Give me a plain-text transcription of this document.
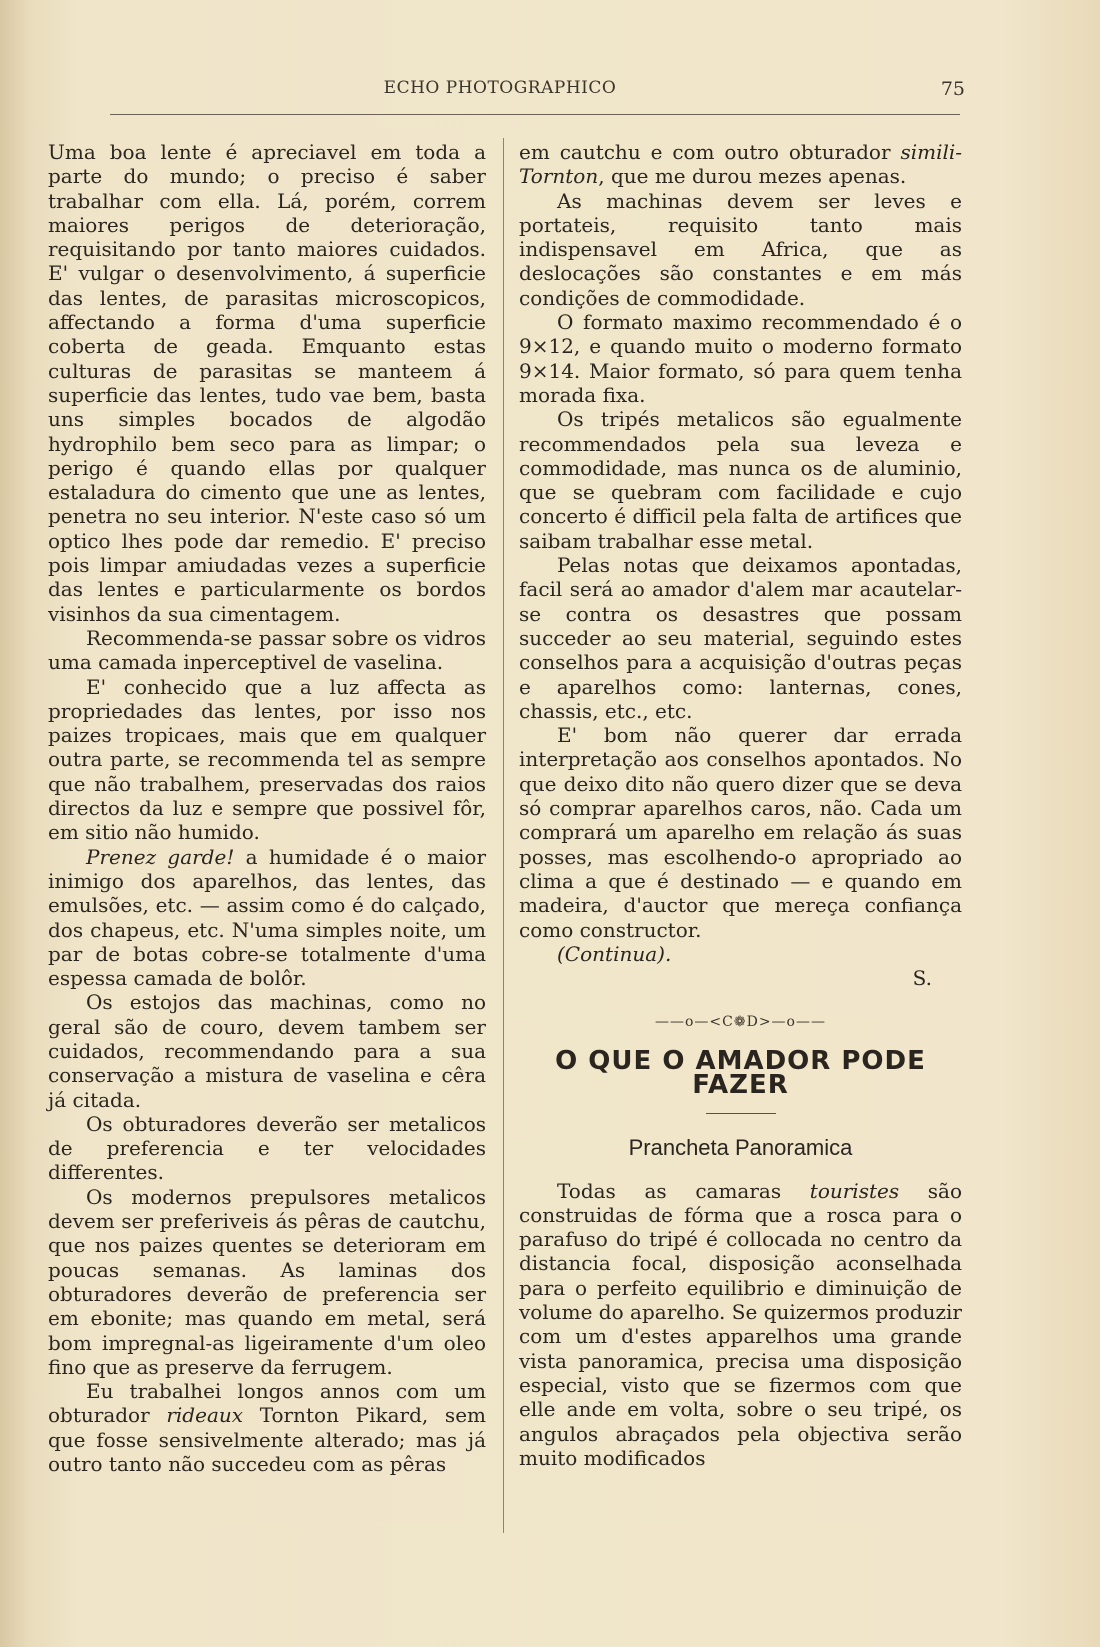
ECHO PHOTOGRAPHICO	75

Uma boa lente é apreciavel em toda a parte do mundo; o preciso é saber trabalhar com ella. Lá, porém, correm maiores perigos de deterioração, requisitando por tanto maiores cuidados. E' vulgar o desenvolvimento, á superficie das lentes, de parasitas microscopicos, affectando a forma d'uma superficie coberta de geada. Emquanto estas culturas de parasitas se manteem á superficie das lentes, tudo vae bem, basta uns simples bocados de algodão hydrophilo bem seco para as limpar; o perigo é quando ellas por qualquer estaladura do cimento que une as lentes, penetra no seu interior. N'este caso só um optico lhes pode dar remedio. E' preciso pois limpar amiudadas vezes a superficie das lentes e particularmente os bordos visinhos da sua cimentagem.

Recommenda-se passar sobre os vidros uma camada inperceptivel de vaselina.

E' conhecido que a luz affecta as propriedades das lentes, por isso nos paizes tropicaes, mais que em qualquer outra parte, se recommenda tel as sempre que não trabalhem, preservadas dos raios directos da luz e sempre que possivel fôr, em sitio não humido.

Prenez garde! a humidade é o maior inimigo dos aparelhos, das lentes, das emulsões, etc. — assim como é do calçado, dos chapeus, etc. N'uma simples noite, um par de botas cobre-se totalmente d'uma espessa camada de bolôr.

Os estojos das machinas, como no geral são de couro, devem tambem ser cuidados, recommendando para a sua conservação a mistura de vaselina e cêra já citada.

Os obturadores deverão ser metalicos de preferencia e ter velocidades differentes.

Os modernos prepulsores metalicos devem ser preferiveis ás pêras de cautchu, que nos paizes quentes se deterioram em poucas semanas. As laminas dos obturadores deverão de preferencia ser em ebonite; mas quando em metal, será bom impregnal-as ligeiramente d'um oleo fino que as preserve da ferrugem.

Eu trabalhei longos annos com um obturador rideaux Tornton Pikard, sem que fosse sensivelmente alterado; mas já outro tanto não succedeu com as pêras

em cautchu e com outro obturador simili-Tornton, que me durou mezes apenas.

As machinas devem ser leves e portateis, requisito tanto mais indispensavel em Africa, que as deslocações são constantes e em más condições de commodidade.

O formato maximo recommendado é o 9×12, e quando muito o moderno formato 9×14. Maior formato, só para quem tenha morada fixa.

Os tripés metalicos são egualmente recommendados pela sua leveza e commodidade, mas nunca os de aluminio, que se quebram com facilidade e cujo concerto é difficil pela falta de artifices que saibam trabalhar esse metal.

Pelas notas que deixamos apontadas, facil será ao amador d'alem mar acautelar-se contra os desastres que possam succeder ao seu material, seguindo estes conselhos para a acquisição d'outras peças e aparelhos como: lanternas, cones, chassis, etc., etc.

E' bom não querer dar errada interpretação aos conselhos apontados. No que deixo dito não quero dizer que se deva só comprar aparelhos caros, não. Cada um comprará um aparelho em relação ás suas posses, mas escolhendo-o apropriado ao clima a que é destinado — e quando em madeira, d'auctor que mereça confiança como constructor.

(Continua).

S.

——o—<C❁D>—o——
O QUE O AMADOR PODE FAZER
Prancheta Panoramica

Todas as camaras touristes são construidas de fórma que a rosca para o parafuso do tripé é collocada no centro da distancia focal, disposição aconselhada para o perfeito equilibrio e diminuição de volume do aparelho. Se quizermos produzir com um d'estes apparelhos uma grande vista panoramica, precisa uma disposição especial, visto que se fizermos com que elle ande em volta, sobre o seu tripé, os angulos abraçados pela objectiva serão muito modificados
